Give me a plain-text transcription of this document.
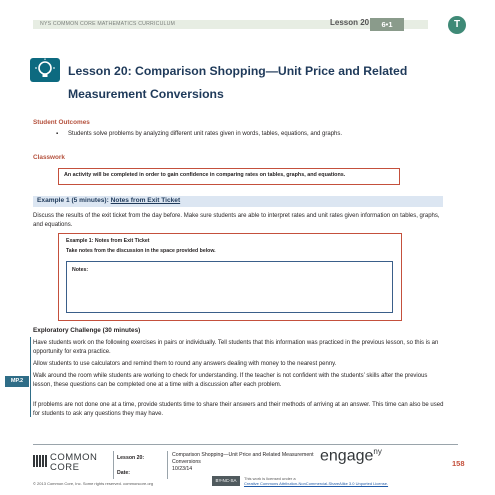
NYS COMMON CORE MATHEMATICS CURRICULUM	Lesson 20	6•1	T
Lesson 20: Comparison Shopping—Unit Price and Related
Measurement Conversions
Student Outcomes
▪ Students solve problems by analyzing different unit rates given in words, tables, equations, and graphs.
Classwork
An activity will be completed in order to gain confidence in comparing rates on tables, graphs, and equations.
Example 1 (5 minutes): Notes from Exit Ticket
Discuss the results of the exit ticket from the day before. Make sure students are able to interpret rates and unit rates given information on tables, graphs, and equations.
Example 1: Notes from Exit Ticket
Take notes from the discussion in the space provided below.
Notes:
Exploratory Challenge (30 minutes)
Have students work on the following exercises in pairs or individually. Tell students that this information was practiced in the previous lesson, so this is an opportunity for extra practice.
Allow students to use calculators and remind them to round any answers dealing with money to the nearest penny.
Walk around the room while students are working to check for understanding. If the teacher is not confident with the students’ skills after the previous lesson, these questions can be completed one at a time with a discussion after each problem.
MP.2
If problems are not done one at a time, provide students time to share their answers and their methods of arriving at an answer. This time can also be used for students to ask any questions they may have.
COMMON
CORE
Lesson 20:
Date:
Comparison Shopping—Unit Price and Related Measurement
Conversions
10/23/14
engage$^{ny}$
158
© 2013 Common Core, Inc. Some rights reserved. commoncore.org
BY-NC-SA	This work is licensed under a
Creative Commons Attribution-NonCommercial-ShareAlike 3.0 Unported License.
